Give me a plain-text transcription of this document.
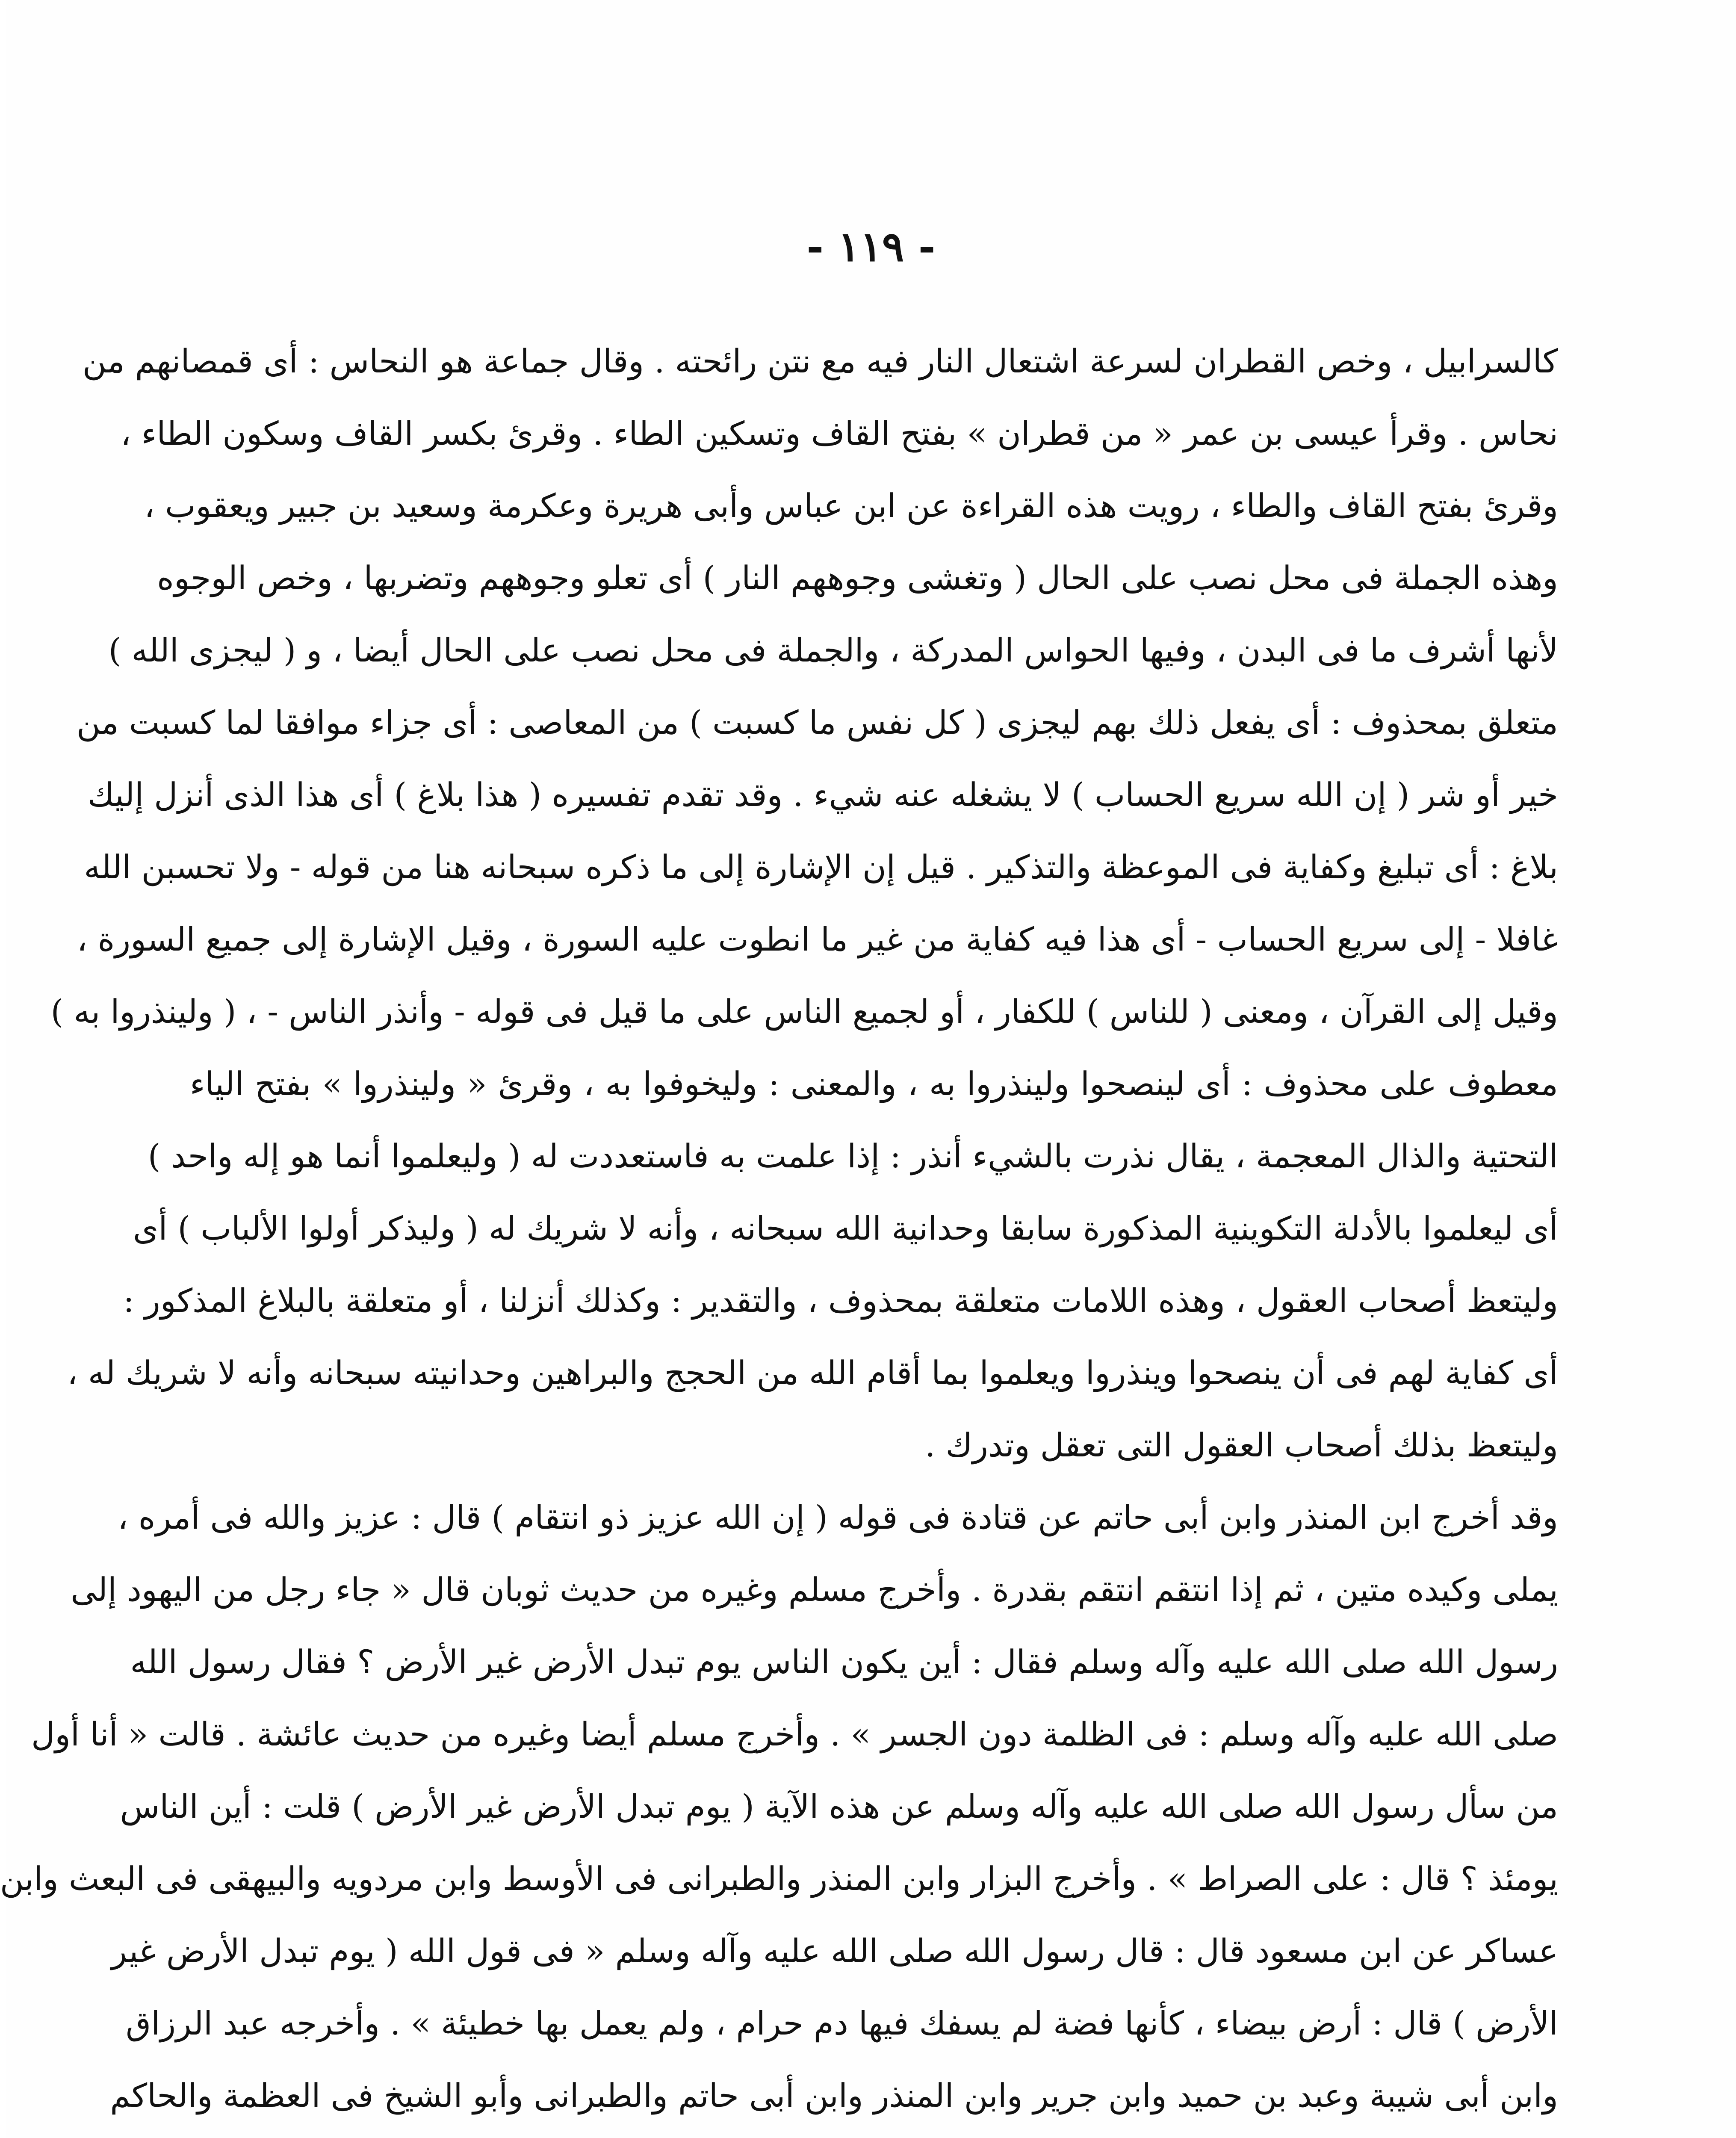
- ١١٩ -
كالسرابيل ، وخص القطران لسرعة اشتعال النار فيه مع نتن رائحته . وقال جماعة هو النحاس : أى قمصانهم من
نحاس . وقرأ عيسى بن عمر « من قطران » بفتح القاف وتسكين الطاء . وقرئ بكسر القاف وسكون الطاء ،
وقرئ بفتح القاف والطاء ، رويت هذه القراءة عن ابن عباس وأبى هريرة وعكرمة وسعيد بن جبير ويعقوب ،
وهذه الجملة فى محل نصب على الحال ( وتغشى وجوههم النار ) أى تعلو وجوههم وتضربها ، وخص الوجوه
لأنها أشرف ما فى البدن ، وفيها الحواس المدركة ، والجملة فى محل نصب على الحال أيضا ، و ( ليجزى الله )
متعلق بمحذوف : أى يفعل ذلك بهم ليجزى ( كل نفس ما كسبت ) من المعاصى : أى جزاء موافقا لما كسبت من
خير أو شر ( إن الله سريع الحساب ) لا يشغله عنه شيء . وقد تقدم تفسيره ( هذا بلاغ ) أى هذا الذى أنزل إليك
بلاغ : أى تبليغ وكفاية فى الموعظة والتذكير . قيل إن الإشارة إلى ما ذكره سبحانه هنا من قوله - ولا تحسبن الله
غافلا - إلى سريع الحساب - أى هذا فيه كفاية من غير ما انطوت عليه السورة ، وقيل الإشارة إلى جميع السورة ،
وقيل إلى القرآن ، ومعنى ( للناس ) للكفار ، أو لجميع الناس على ما قيل فى قوله - وأنذر الناس - ، ( ولينذروا به )
معطوف على محذوف : أى لينصحوا ولينذروا به ، والمعنى : وليخوفوا به ، وقرئ « ولينذروا » بفتح الياء
التحتية والذال المعجمة ، يقال نذرت بالشيء أنذر : إذا علمت به فاستعددت له ( وليعلموا أنما هو إله واحد )
أى ليعلموا بالأدلة التكوينية المذكورة سابقا وحدانية الله سبحانه ، وأنه لا شريك له ( وليذكر أولوا الألباب ) أى
وليتعظ أصحاب العقول ، وهذه اللامات متعلقة بمحذوف ، والتقدير : وكذلك أنزلنا ، أو متعلقة بالبلاغ المذكور :
أى كفاية لهم فى أن ينصحوا وينذروا ويعلموا بما أقام الله من الحجج والبراهين وحدانيته سبحانه وأنه لا شريك له ،
وليتعظ بذلك أصحاب العقول التى تعقل وتدرك .
وقد أخرج ابن المنذر وابن أبى حاتم عن قتادة فى قوله ( إن الله عزيز ذو انتقام ) قال : عزيز والله فى أمره ،
يملى وكيده متين ، ثم إذا انتقم انتقم بقدرة . وأخرج مسلم وغيره من حديث ثوبان قال « جاء رجل من اليهود إلى
رسول الله صلى الله عليه وآله وسلم فقال : أين يكون الناس يوم تبدل الأرض غير الأرض ؟ فقال رسول الله
صلى الله عليه وآله وسلم : فى الظلمة دون الجسر » . وأخرج مسلم أيضا وغيره من حديث عائشة . قالت « أنا أول
من سأل رسول الله صلى الله عليه وآله وسلم عن هذه الآية ( يوم تبدل الأرض غير الأرض ) قلت : أين الناس
يومئذ ؟ قال : على الصراط » . وأخرج البزار وابن المنذر والطبرانى فى الأوسط وابن مردويه والبيهقى فى البعث وابن
عساكر عن ابن مسعود قال : قال رسول الله صلى الله عليه وآله وسلم « فى قول الله ( يوم تبدل الأرض غير
الأرض ) قال : أرض بيضاء ، كأنها فضة لم يسفك فيها دم حرام ، ولم يعمل بها خطيئة » . وأخرجه عبد الرزاق
وابن أبى شيبة وعبد بن حميد وابن جرير وابن المنذر وابن أبى حاتم والطبرانى وأبو الشيخ فى العظمة والحاكم
